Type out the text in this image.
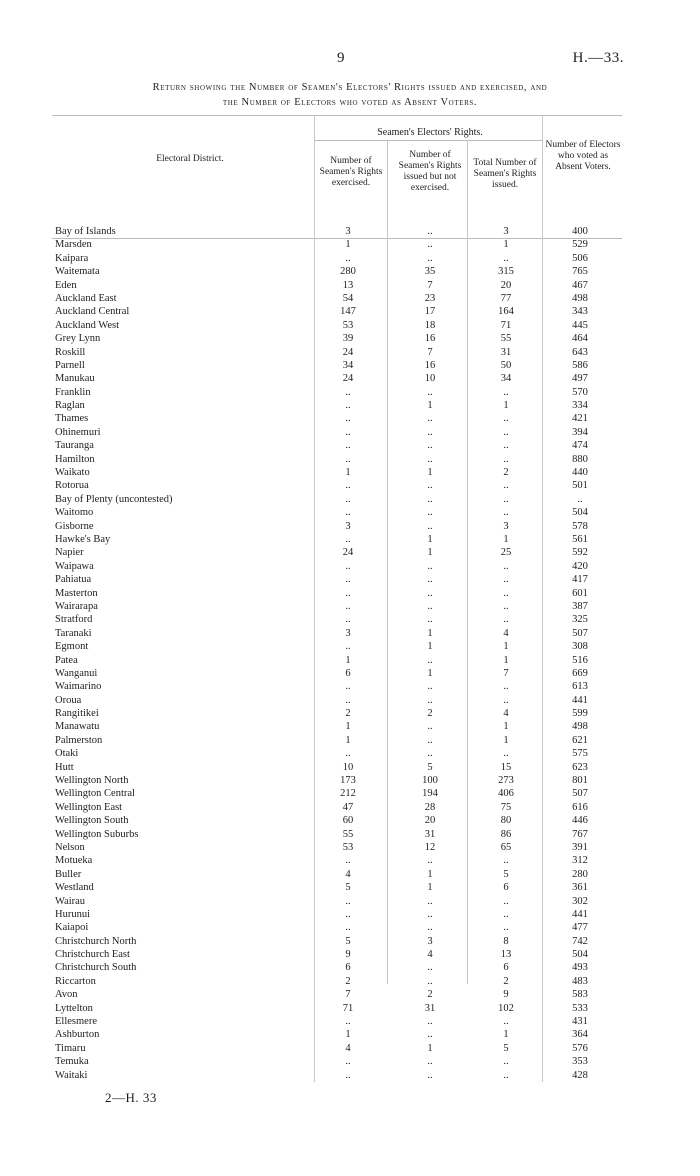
9	H.—33.
Return showing the Number of Seamen's Electors' Rights issued and exercised, and
the Number of Electors who voted as Absent Voters.
Seamen's Electors' Rights.
Electoral District.	Number of Seamen's Rights exercised.
Number of Seamen's Rights issued but not exercised.
Total Number of Seamen's Rights issued.
Number of Electors who voted as Absent Voters.
Bay of Islands	3	..	3	400
Marsden	1	..	1	529
Kaipara	..	..	..	506
Waitemata	280	35	315	765
Eden	13	7	20	467
Auckland East	54	23	77	498
Auckland Central	147	17	164	343
Auckland West	53	18	71	445
Grey Lynn	39	16	55	464
Roskill	24	7	31	643
Parnell	34	16	50	586
Manukau	24	10	34	497
Franklin	..	..	..	570
Raglan	..	1	1	334
Thames	..	..	..	421
Ohinemuri	..	..	..	394
Tauranga	..	..	..	474
Hamilton	..	..	..	880
Waikato	1	1	2	440
Rotorua	..	..	..	501
Bay of Plenty (uncontested)	..	..	..	..
Waitomo	..	..	..	504
Gisborne	3	..	3	578
Hawke's Bay	..	1	1	561
Napier	24	1	25	592
Waipawa	..	..	..	420
Pahiatua	..	..	..	417
Masterton	..	..	..	601
Wairarapa	..	..	..	387
Stratford	..	..	..	325
Taranaki	3	1	4	507
Egmont	..	1	1	308
Patea	1	..	1	516
Wanganui	6	1	7	669
Waimarino	..	..	..	613
Oroua	..	..	..	441
Rangitikei	2	2	4	599
Manawatu	1	..	1	498
Palmerston	1	..	1	621
Otaki	..	..	..	575
Hutt	10	5	15	623
Wellington North	173	100	273	801
Wellington Central	212	194	406	507
Wellington East	47	28	75	616
Wellington South	60	20	80	446
Wellington Suburbs	55	31	86	767
Nelson	53	12	65	391
Motueka	..	..	..	312
Buller	4	1	5	280
Westland	5	1	6	361
Wairau	..	..	..	302
Hurunui	..	..	..	441
Kaiapoi	..	..	..	477
Christchurch North	5	3	8	742
Christchurch East	9	4	13	504
Christchurch South	6	..	6	493
Riccarton	2	..	2	483
Avon	7	2	9	583
Lyttelton	71	31	102	533
Ellesmere	..	..	..	431
Ashburton	1	..	1	364
Timaru	4	1	5	576
Temuka	..	..	..	353
Waitaki	..	..	..	428
2—H. 33
